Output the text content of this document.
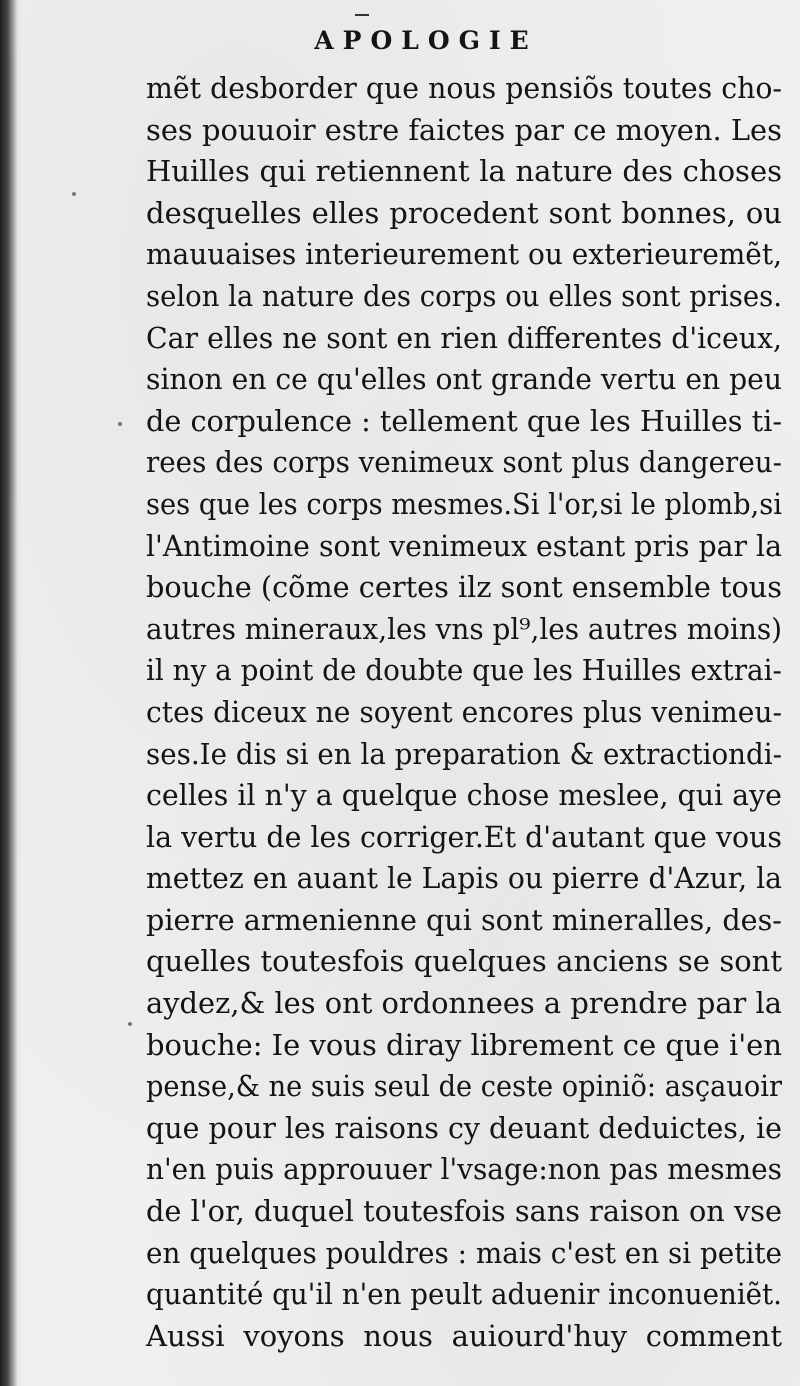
APOLOGIE
mẽt desborder que nous pensiõs toutes cho-
ses pouuoir estre faictes par ce moyen. Les
Huilles qui retiennent la nature des choses
desquelles elles procedent sont bonnes, ou
mauuaises interieurement ou exterieuremẽt,
selon la nature des corps ou elles sont prises.
Car elles ne sont en rien differentes d'iceux,
sinon en ce qu'elles ont grande vertu en peu
de corpulence : tellement que les Huilles ti-
rees des corps venimeux sont plus dangereu-
ses que les corps mesmes.Si l'or,si le plomb,si
l'Antimoine sont venimeux estant pris par la
bouche (cõme certes ilz sont ensemble tous
autres mineraux,les vns pl⁹,les autres moins)
il ny a point de doubte que les Huilles extrai-
ctes diceux ne soyent encores plus venimeu-
ses.Ie dis si en la preparation & extractiondi-
celles il n'y a quelque chose meslee, qui aye
la vertu de les corriger.Et d'autant que vous
mettez en auant le Lapis ou pierre d'Azur, la
pierre armenienne qui sont mineralles, des-
quelles toutesfois quelques anciens se sont
aydez,& les ont ordonnees a prendre par la
bouche: Ie vous diray librement ce que i'en
pense,& ne suis seul de ceste opiniõ: asçauoir
que pour les raisons cy deuant deduictes, ie
n'en puis approuuer l'vsage:non pas mesmes
de l'or, duquel toutesfois sans raison on vse
en quelques pouldres : mais c'est en si petite
quantité qu'il n'en peult aduenir inconueniẽt.
Aussi voyons nous auiourd'huy comment
